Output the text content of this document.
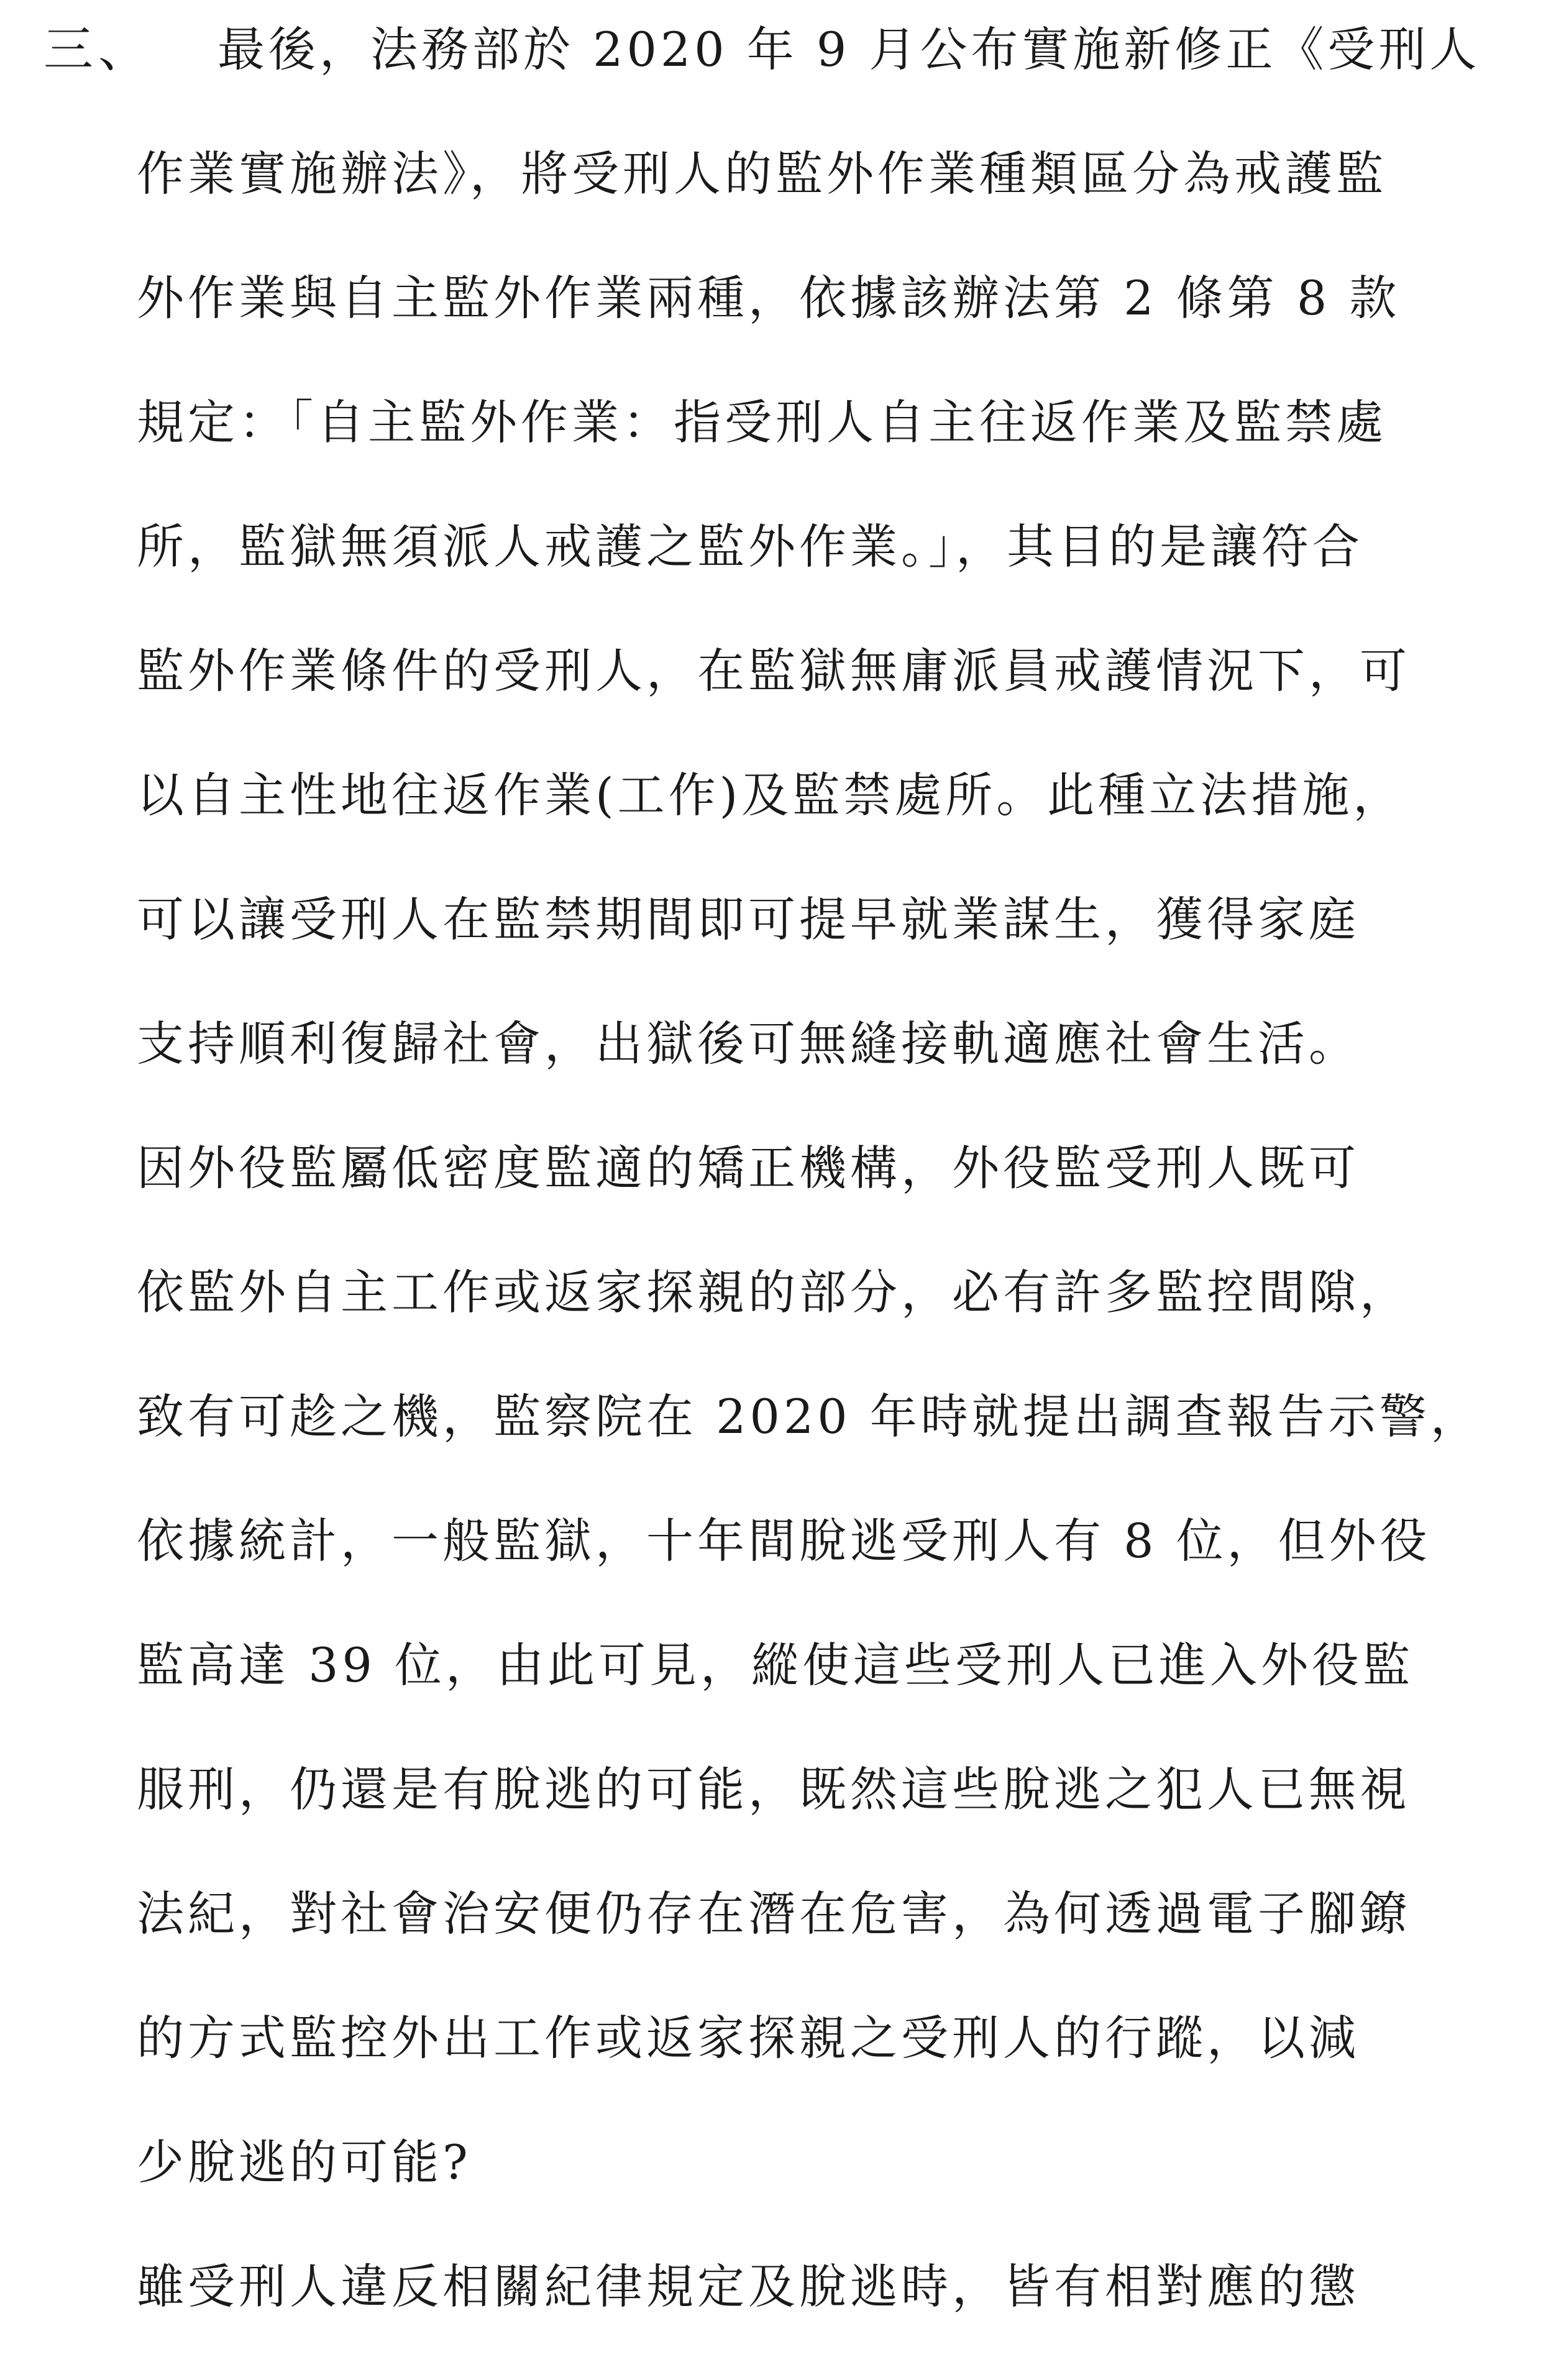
三、	最後，法務部於 2020 年 9 月公布實施新修正《受刑人
作業實施辦法》，將受刑人的監外作業種類區分為戒護監
外作業與自主監外作業兩種，依據該辦法第 2 條第 8 款
規定：「自主監外作業：指受刑人自主往返作業及監禁處
所，監獄無須派人戒護之監外作業。」，其目的是讓符合
監外作業條件的受刑人，在監獄無庸派員戒護情況下，可
以自主性地往返作業(工作)及監禁處所。此種立法措施，
可以讓受刑人在監禁期間即可提早就業謀生，獲得家庭
支持順利復歸社會，出獄後可無縫接軌適應社會生活。
因外役監屬低密度監適的矯正機構，外役監受刑人既可
依監外自主工作或返家探親的部分，必有許多監控間隙，
致有可趁之機，監察院在 2020 年時就提出調查報告示警，
依據統計，一般監獄，十年間脫逃受刑人有 8 位，但外役
監高達 39 位，由此可見，縱使這些受刑人已進入外役監
服刑，仍還是有脫逃的可能，既然這些脫逃之犯人已無視
法紀，對社會治安便仍存在潛在危害，為何透過電子腳鐐
的方式監控外出工作或返家探親之受刑人的行蹤，以減
少脫逃的可能?
雖受刑人違反相關紀律規定及脫逃時，皆有相對應的懲
